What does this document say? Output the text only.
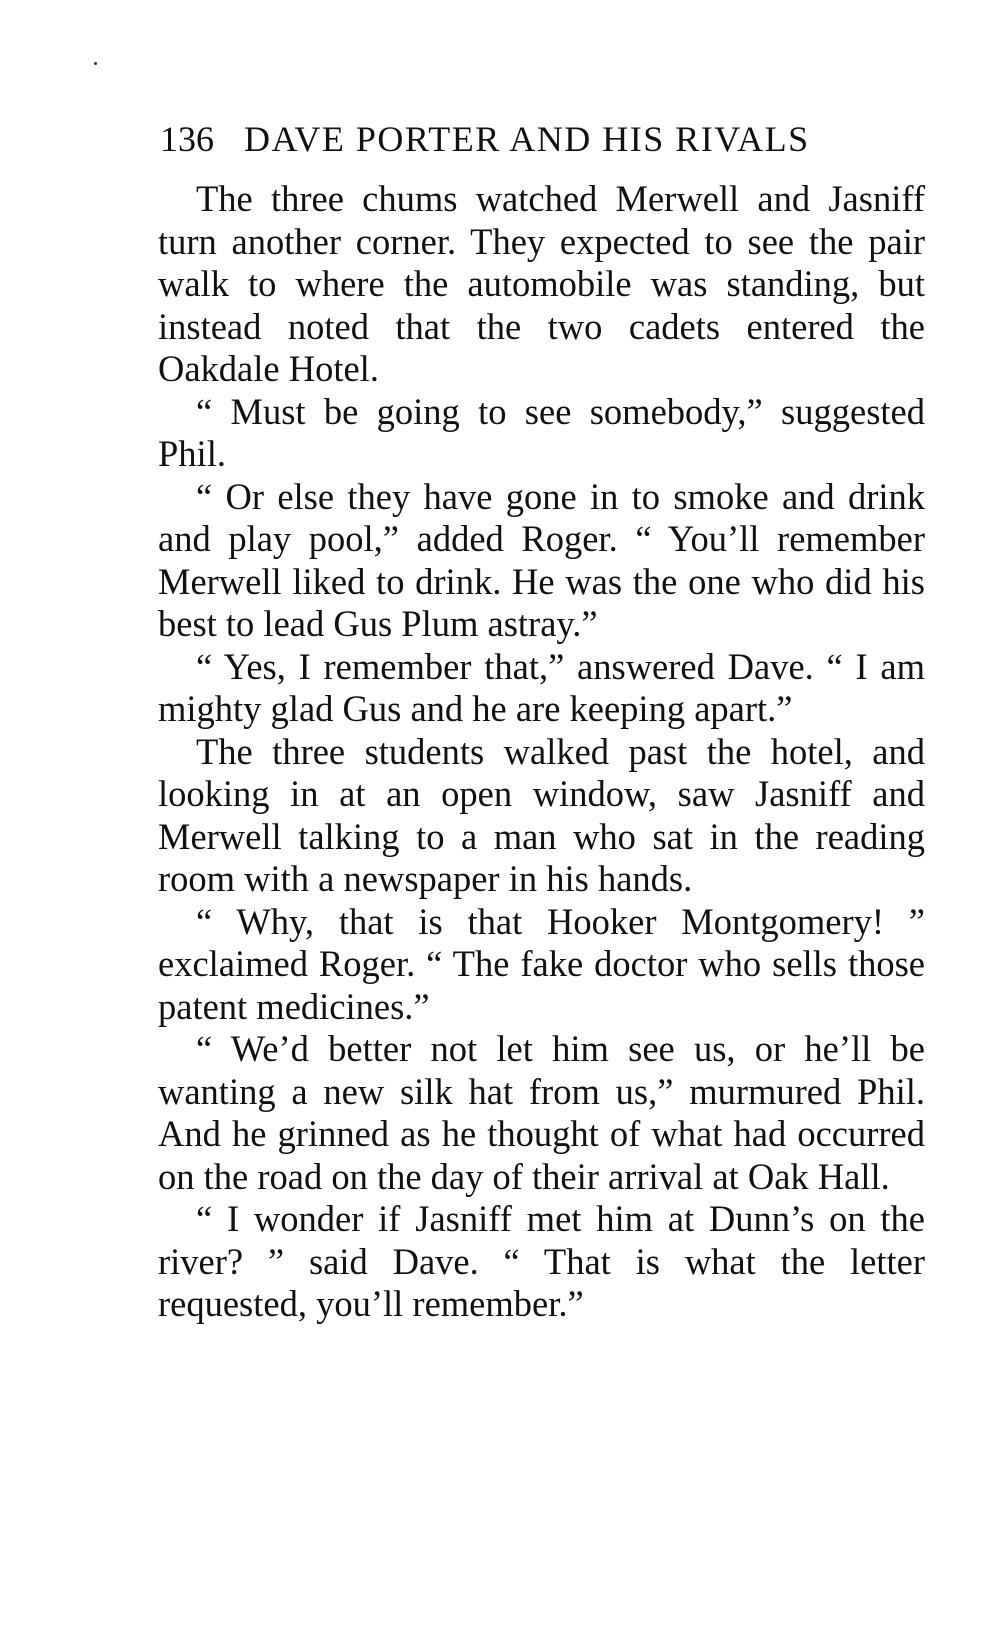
136 DAVE PORTER AND HIS RIVALS

The three chums watched Merwell and Jasniff turn another corner. They expected to see the pair walk to where the automobile was standing, but instead noted that the two cadets entered the Oakdale Hotel.

“ Must be going to see somebody,” suggested Phil.

“ Or else they have gone in to smoke and drink and play pool,” added Roger. “ You’ll remember Merwell liked to drink. He was the one who did his best to lead Gus Plum astray.”

“ Yes, I remember that,” answered Dave. “ I am mighty glad Gus and he are keeping apart.”

The three students walked past the hotel, and looking in at an open window, saw Jasniff and Merwell talking to a man who sat in the reading room with a newspaper in his hands.

“ Why, that is that Hooker Montgomery! ” exclaimed Roger. “ The fake doctor who sells those patent medicines.”

“ We’d better not let him see us, or he’ll be wanting a new silk hat from us,” murmured Phil. And he grinned as he thought of what had occurred on the road on the day of their arrival at Oak Hall.

“ I wonder if Jasniff met him at Dunn’s on the river? ” said Dave. “ That is what the letter requested, you’ll remember.”
